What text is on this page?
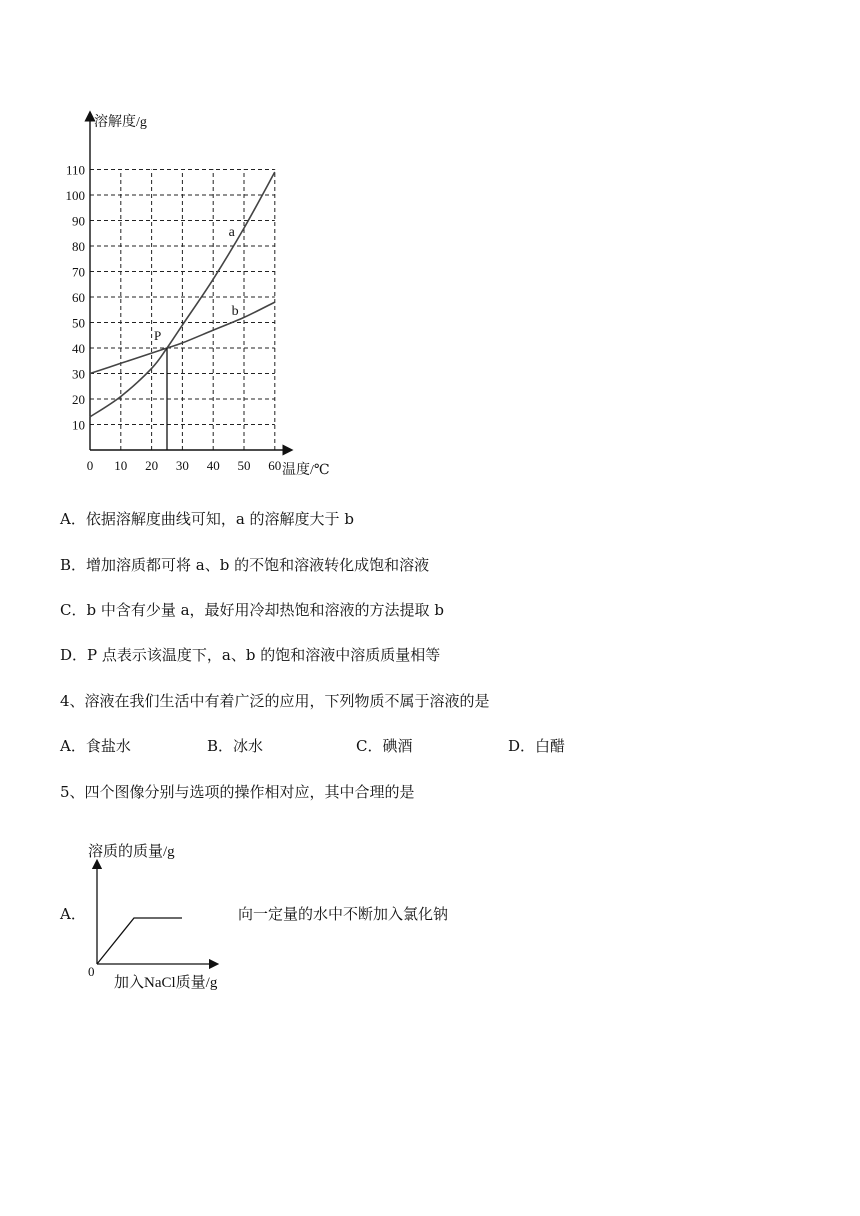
10
20
30
40
50
60
70
80
90
100
110
0 10 20 30 40 50 60
a
b
P
溶解度/g
温度/℃
A．依据溶解度曲线可知，a 的溶解度大于 b
B．增加溶质都可将 a、b 的不饱和溶液转化成饱和溶液
C．b 中含有少量 a，最好用冷却热饱和溶液的方法提取 b
D．P 点表示该温度下，a、b 的饱和溶液中溶质质量相等
4、溶液在我们生活中有着广泛的应用，下列物质不属于溶液的是
A．食盐水	B．冰水	C．碘酒	D．白醋
5、四个图像分别与选项的操作相对应，其中合理的是
A．	向一定量的水中不断加入氯化钠
溶质的质量/g
0
加入NaCl质量/g
